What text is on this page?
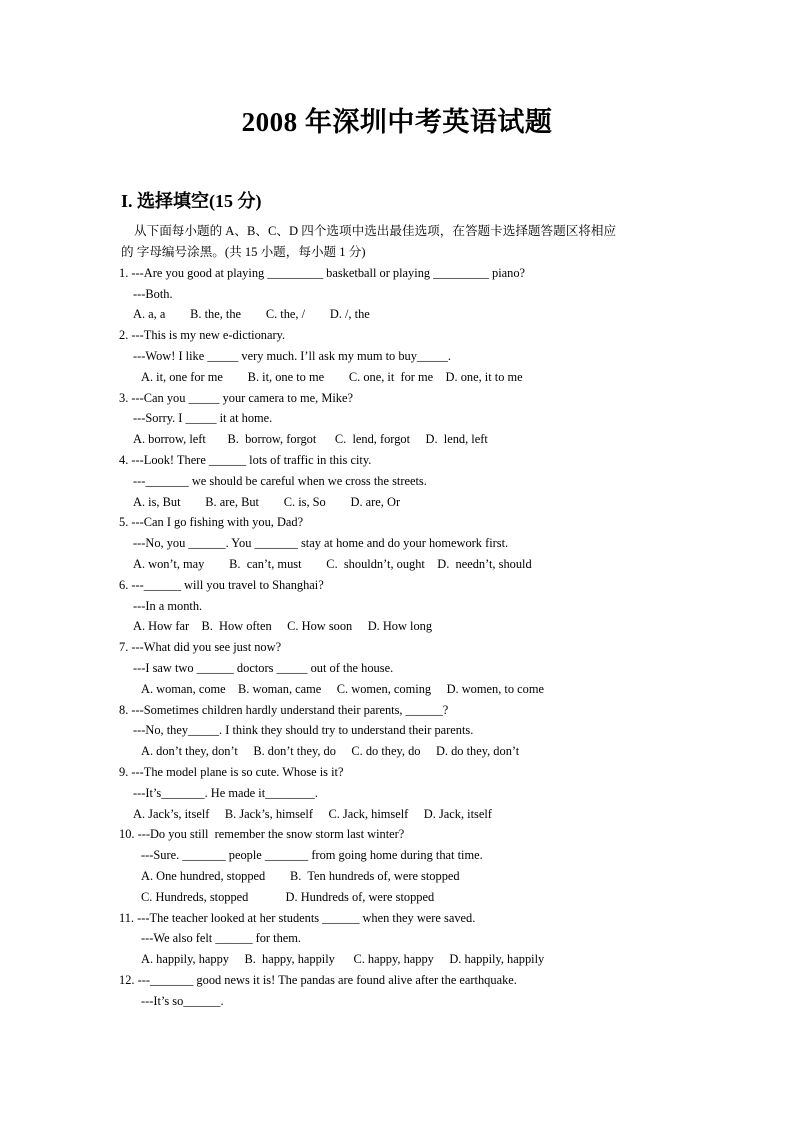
2008 年深圳中考英语试题
I. 选择填空(15 分)
从下面每小题的 A、B、C、D 四个选项中选出最佳选项，在答题卡选择题答题区将相应
的 字母编号涂黑。(共 15 小题，每小题 1 分)
1. ---Are you good at playing _________ basketball or playing _________ piano?
---Both.
A. a, a        B. the, the        C. the, /        D. /, the
2. ---This is my new e-dictionary.
---Wow! I like _____ very much. I’ll ask my mum to buy_____.
A. it, one for me        B. it, one to me        C. one, it  for me    D. one, it to me
3. ---Can you _____ your camera to me, Mike?
---Sorry. I _____ it at home.
A. borrow, left       B.  borrow, forgot      C.  lend, forgot     D.  lend, left
4. ---Look! There ______ lots of traffic in this city.
---_______ we should be careful when we cross the streets.
A. is, But        B. are, But        C. is, So        D. are, Or
5. ---Can I go fishing with you, Dad?
---No, you ______. You _______ stay at home and do your homework first.
A. won’t, may        B.  can’t, must        C.  shouldn’t, ought    D.  needn’t, should
6. ---______ will you travel to Shanghai?
---In a month.
A. How far    B.  How often     C. How soon     D. How long
7. ---What did you see just now?
---I saw two ______ doctors _____ out of the house.
A. woman, come    B. woman, came     C. women, coming     D. women, to come
8. ---Sometimes children hardly understand their parents, ______?
---No, they_____. I think they should try to understand their parents.
A. don’t they, don’t     B. don’t they, do     C. do they, do     D. do they, don’t
9. ---The model plane is so cute. Whose is it?
---It’s_______. He made it________.
A. Jack’s, itself     B. Jack’s, himself     C. Jack, himself     D. Jack, itself
10. ---Do you still  remember the snow storm last winter?
---Sure. _______ people _______ from going home during that time.
A. One hundred, stopped        B.  Ten hundreds of, were stopped
C. Hundreds, stopped            D. Hundreds of, were stopped
11. ---The teacher looked at her students ______ when they were saved.
---We also felt ______ for them.
A. happily, happy     B.  happy, happily      C. happy, happy     D. happily, happily
12. ---_______ good news it is! The pandas are found alive after the earthquake.
---It’s so______.
